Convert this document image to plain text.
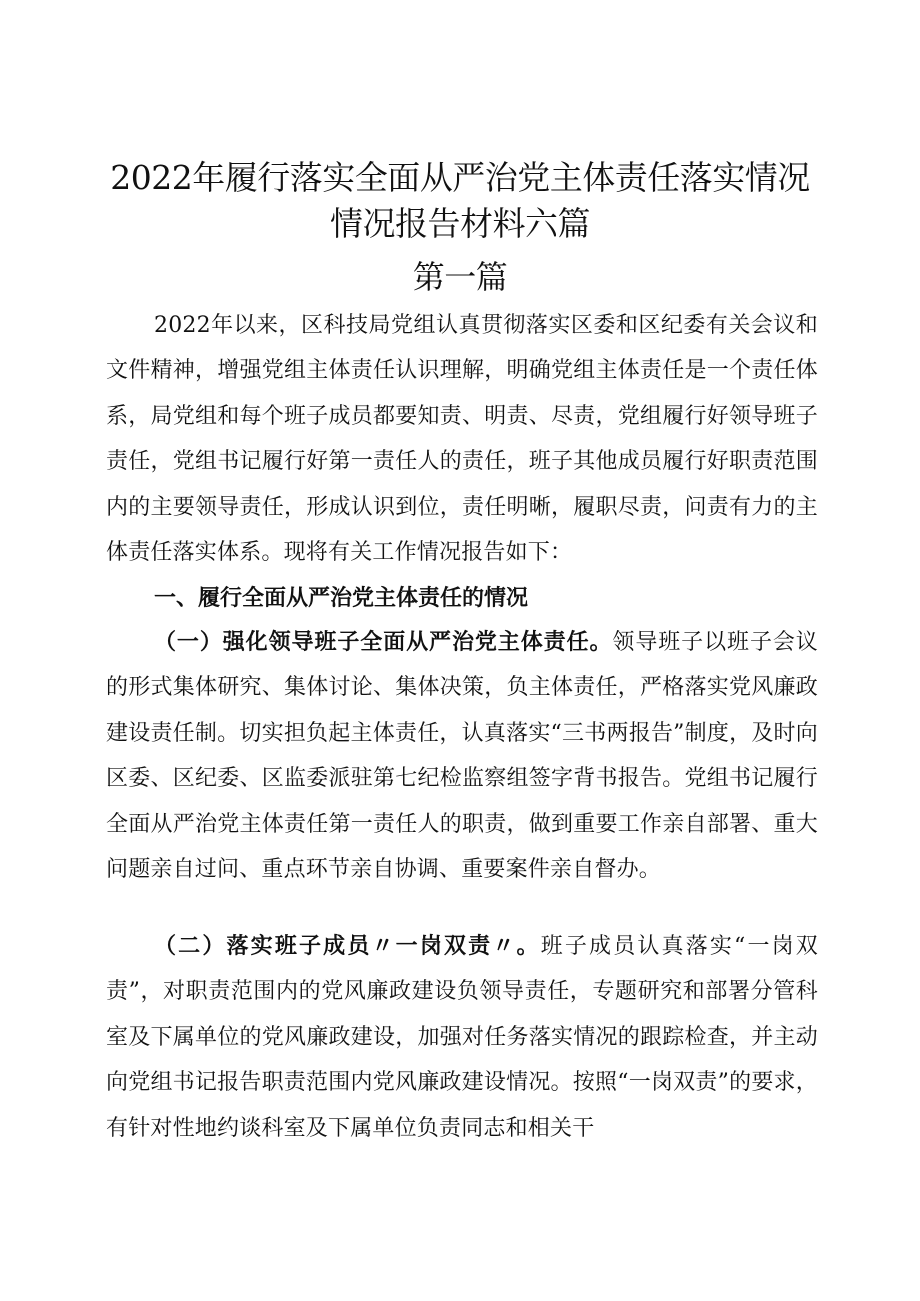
2022年履行落实全面从严治党主体责任落实情况
情况报告材料六篇
第一篇

2022年以来，区科技局党组认真贯彻落实区委和区纪委有关会议和文件精神，增强党组主体责任认识理解，明确党组主体责任是一个责任体系，局党组和每个班子成员都要知责、明责、尽责，党组履行好领导班子责任，党组书记履行好第一责任人的责任，班子其他成员履行好职责范围内的主要领导责任，形成认识到位，责任明晰，履职尽责，问责有力的主体责任落实体系。现将有关工作情况报告如下：

一、履行全面从严治党主体责任的情况

（一）强化领导班子全面从严治党主体责任。领导班子以班子会议的形式集体研究、集体讨论、集体决策，负主体责任，严格落实党风廉政建设责任制。切实担负起主体责任，认真落实“三书两报告”制度，及时向区委、区纪委、区监委派驻第七纪检监察组签字背书报告。党组书记履行全面从严治党主体责任第一责任人的职责，做到重要工作亲自部署、重大问题亲自过问、重点环节亲自协调、重要案件亲自督办。

（二）落实班子成员〃一岗双责〃。班子成员认真落实“一岗双责”，对职责范围内的党风廉政建设负领导责任，专题研究和部署分管科室及下属单位的党风廉政建设，加强对任务落实情况的跟踪检查，并主动向党组书记报告职责范围内党风廉政建设情况。按照“一岗双责”的要求，有针对性地约谈科室及下属单位负责同志和相关干
